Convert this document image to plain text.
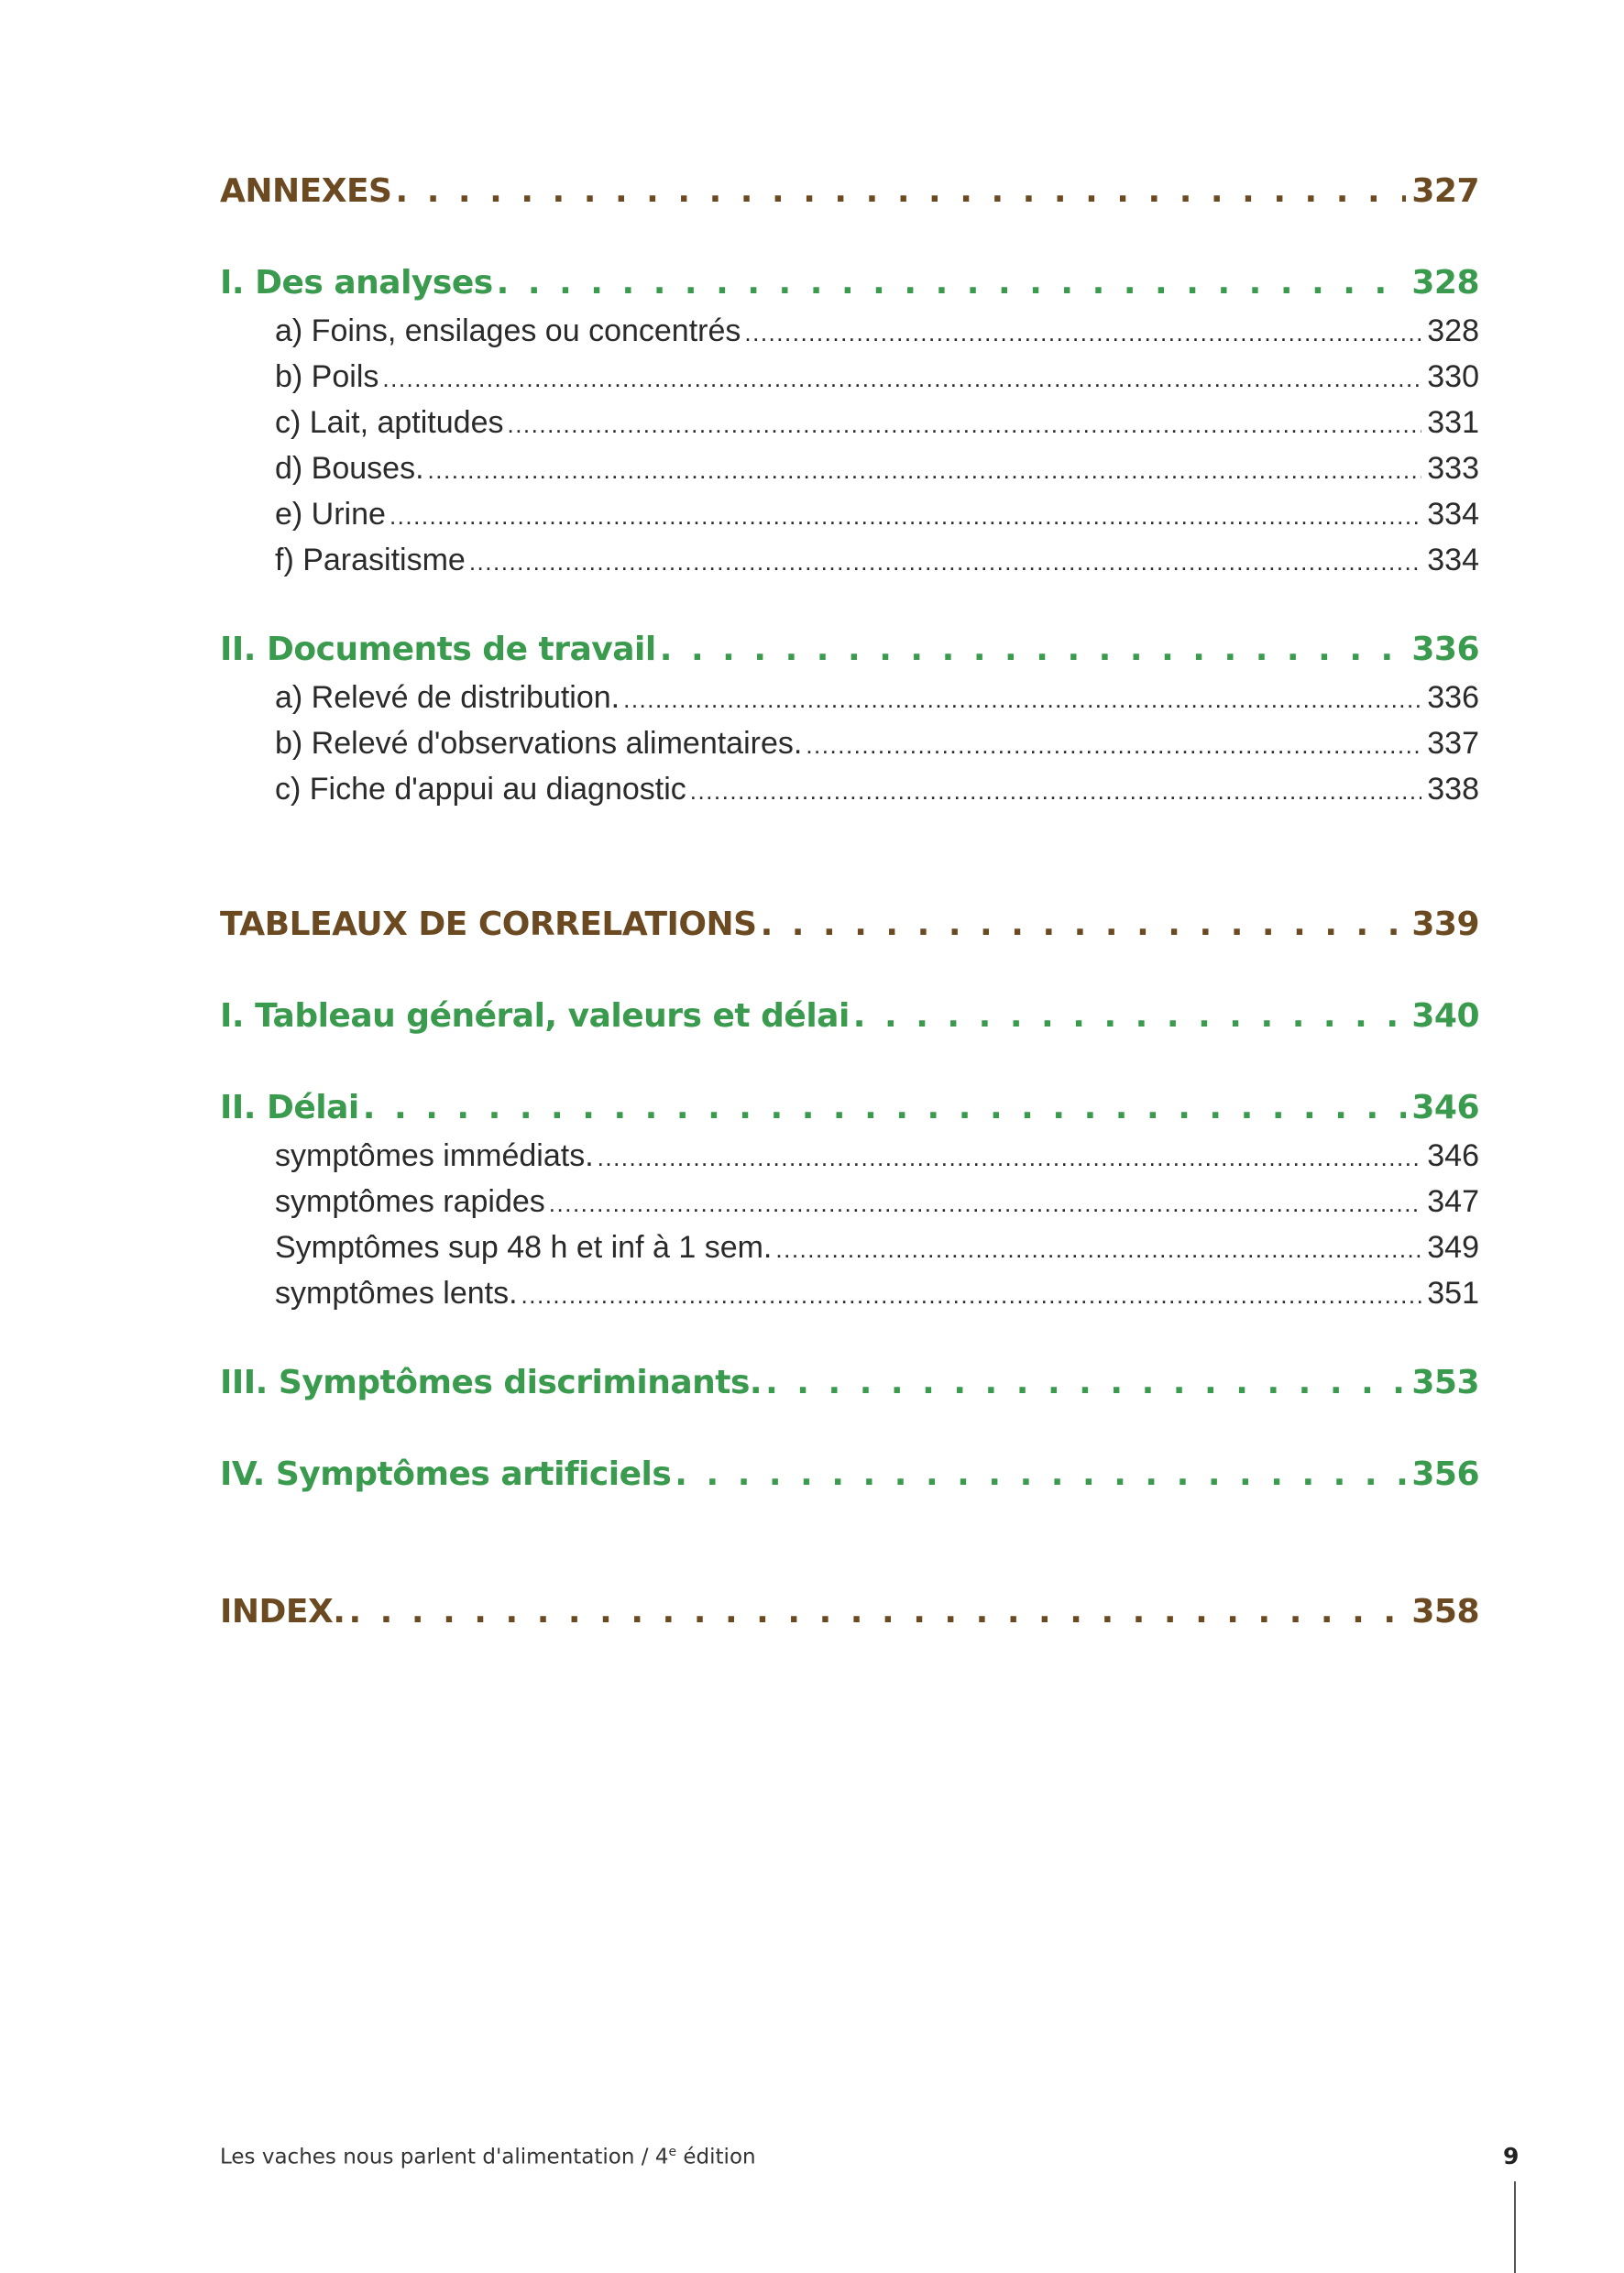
ANNEXES . . .	327
I. Des analyses . . .	328
a) Foins, ensilages ou concentrés .....	328
b) Poils .....	330
c) Lait, aptitudes .....	331
d) Bouses. .....	333
e) Urine .....	334
f) Parasitisme .....	334
II. Documents de travail . . .	336
a) Relevé de distribution. .....	336
b) Relevé d'observations alimentaires. .....	337
c) Fiche d'appui au diagnostic .....	338
TABLEAUX DE CORRELATIONS . . .	339
I. Tableau général, valeurs et délai . . .	340
II. Délai . . .	346
symptômes immédiats. .....	346
symptômes rapides .....	347
Symptômes sup 48 h et inf à 1 sem. .....	349
symptômes lents. .....	351
III. Symptômes discriminants. . . .	353
IV. Symptômes artificiels . . .	356
INDEX. . . .	358
Les vaches nous parlent d'alimentation / 4e édition	9
